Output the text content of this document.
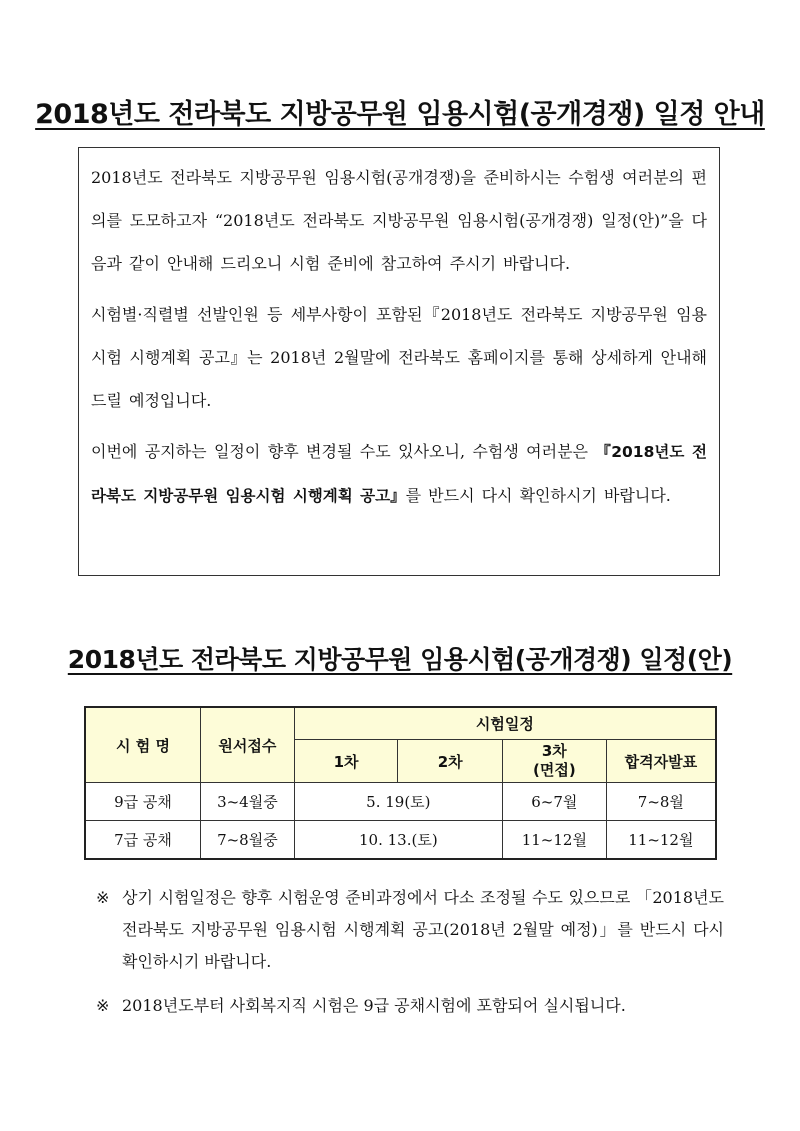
2018년도 전라북도 지방공무원 임용시험(공개경쟁) 일정 안내

2018년도 전라북도 지방공무원 임용시험(공개경쟁)을 준비하시는 수험생 여러분의 편의를 도모하고자 “2018년도 전라북도 지방공무원 임용시험(공개경쟁) 일정(안)”을 다음과 같이 안내해 드리오니 시험 준비에 참고하여 주시기 바랍니다.

시험별·직렬별 선발인원 등 세부사항이 포함된『2018년도 전라북도 지방공무원 임용시험 시행계획 공고』는 2018년 2월말에 전라북도 홈페이지를 통해 상세하게 안내해 드릴 예정입니다.

이번에 공지하는 일정이 향후 변경될 수도 있사오니, 수험생 여러분은 『2018년도 전라북도 지방공무원 임용시험 시행계획 공고』를 반드시 다시 확인하시기 바랍니다.

2018년도 전라북도 지방공무원 임용시험(공개경쟁) 일정(안)
시 험 명	원서접수	시험일정			
		1차	2차	3차
(면접)	합격자발표
9급 공채	3~4월중	5. 19(토)		6~7월	7~8월
7급 공채	7~8월중	10. 13.(토)		11~12월	11~12월
※ 상기 시험일정은 향후 시험운영 준비과정에서 다소 조정될 수도 있으므로 「2018년도 전라북도 지방공무원 임용시험 시행계획 공고(2018년 2월말 예정)」를 반드시 다시 확인하시기 바랍니다.
※ 2018년도부터 사회복지직 시험은 9급 공채시험에 포함되어 실시됩니다.
